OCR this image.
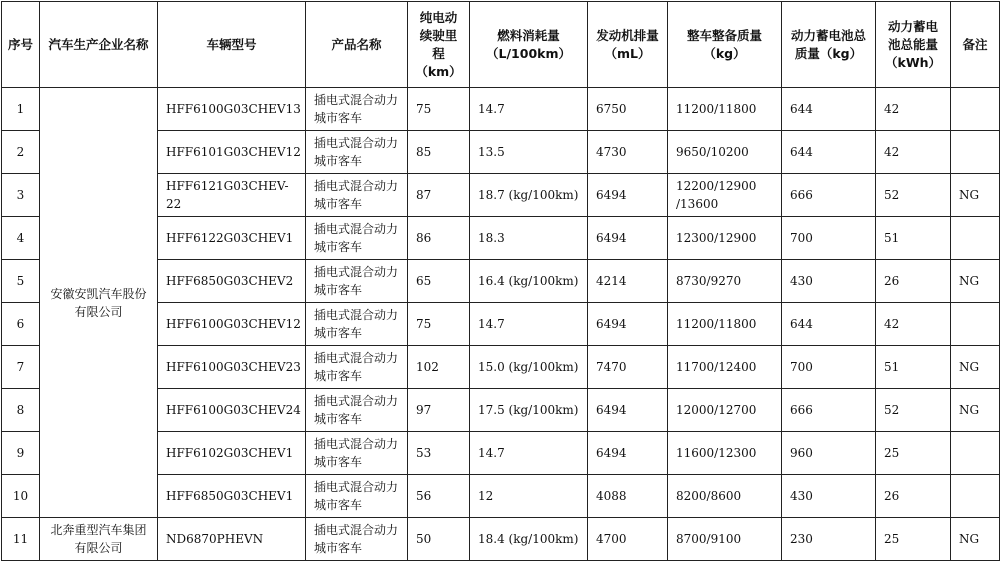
序号	汽车生产企业名称	车辆型号	产品名称	纯电动续驶里程（km）	燃料消耗量（L/100km）	发动机排量（mL）	整车整备质量（kg）	动力蓄电池总质量（kg）	动力蓄电池总能量（kWh）	备注
1	安徽安凯汽车股份有限公司	HFF6100G03CHEV13	插电式混合动力城市客车	75	14.7	6750	11200/11800	644	42	
2		HFF6101G03CHEV12	插电式混合动力城市客车	85	13.5	4730	9650/10200	644	42	
3		HFF6121G03CHEV-22	插电式混合动力城市客车	87	18.7 (kg/100km)	6494	12200/12900 /13600	666	52	NG
4		HFF6122G03CHEV1	插电式混合动力城市客车	86	18.3	6494	12300/12900	700	51	
5		HFF6850G03CHEV2	插电式混合动力城市客车	65	16.4 (kg/100km)	4214	8730/9270	430	26	NG
6		HFF6100G03CHEV12	插电式混合动力城市客车	75	14.7	6494	11200/11800	644	42	
7		HFF6100G03CHEV23	插电式混合动力城市客车	102	15.0 (kg/100km)	7470	11700/12400	700	51	NG
8		HFF6100G03CHEV24	插电式混合动力城市客车	97	17.5 (kg/100km)	6494	12000/12700	666	52	NG
9		HFF6102G03CHEV1	插电式混合动力城市客车	53	14.7	6494	11600/12300	960	25	
10		HFF6850G03CHEV1	插电式混合动力城市客车	56	12	4088	8200/8600	430	26	
11	北奔重型汽车集团有限公司	ND6870PHEVN	插电式混合动力城市客车	50	18.4 (kg/100km)	4700	8700/9100	230	25	NG
